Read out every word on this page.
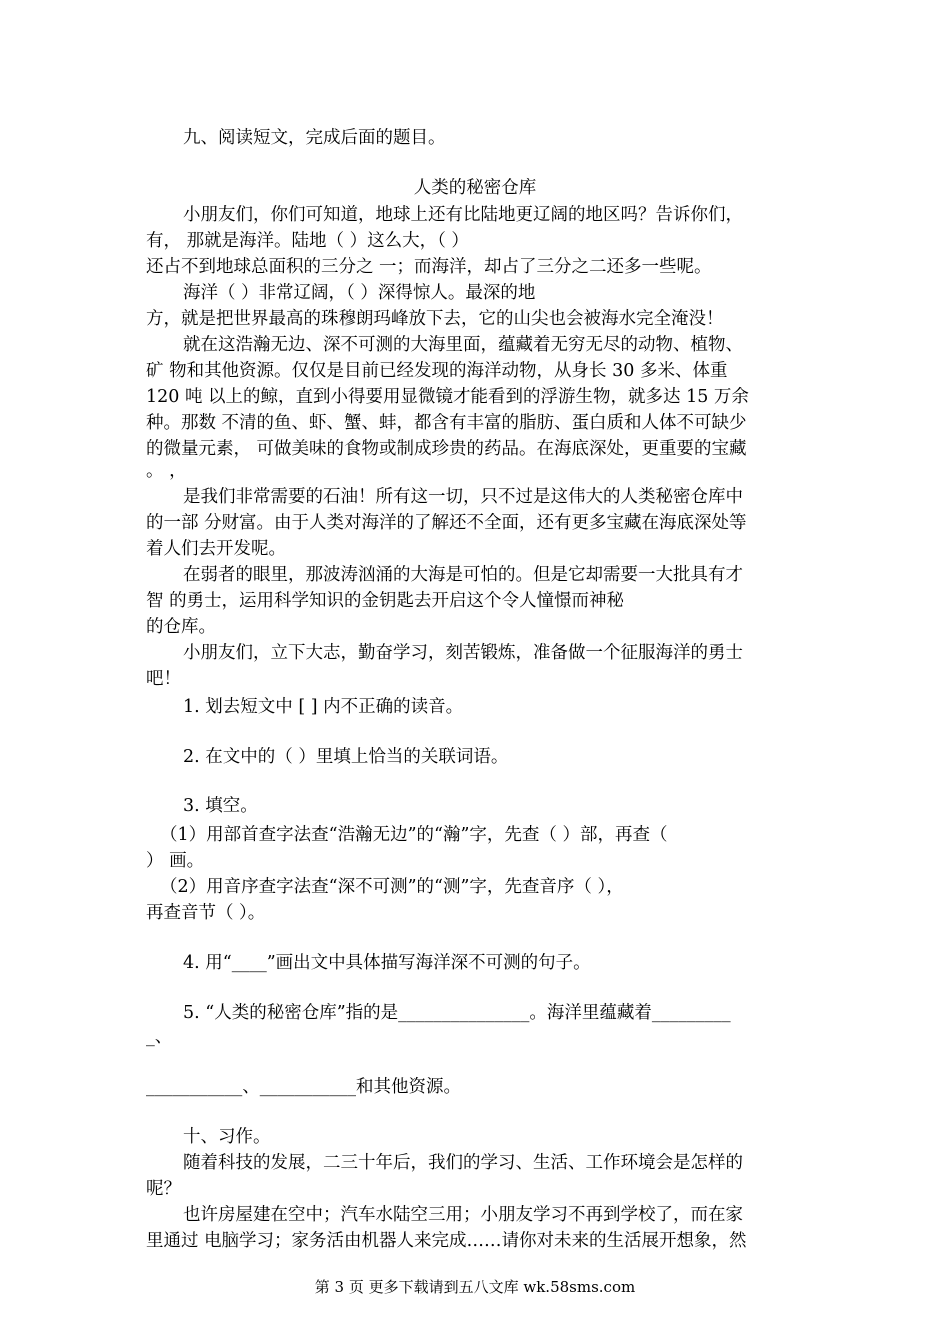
九、阅读短文，完成后面的题目。
人类的秘密仓库
小朋友们，你们可知道，地球上还有比陆地更辽阔的地区吗？告诉你们，
有， 那就是海洋。陆地（ ）这么大，（ ）
还占不到地球总面积的三分之 一；而海洋，却占了三分之二还多一些呢。
海洋（ ）非常辽阔，（ ）深得惊人。最深的地
方，就是把世界最高的珠穆朗玛峰放下去，它的山尖也会被海水完全淹没！
就在这浩瀚无边、深不可测的大海里面，蕴藏着无穷无尽的动物、植物、
矿 物和其他资源。仅仅是目前已经发现的海洋动物，从身长 30 多米、体重
120 吨 以上的鲸，直到小得要用显微镜才能看到的浮游生物，就多达 15 万余
种。那数 不清的鱼、虾、蟹、蚌，都含有丰富的脂肪、蛋白质和人体不可缺少
的微量元素， 可做美味的食物或制成珍贵的药品。在海底深处，更重要的宝藏
。 ，
是我们非常需要的石油！所有这一切，只不过是这伟大的人类秘密仓库中
的一部 分财富。由于人类对海洋的了解还不全面，还有更多宝藏在海底深处等
着人们去开发呢。
在弱者的眼里，那波涛汹涌的大海是可怕的。但是它却需要一大批具有才
智 的勇士，运用科学知识的金钥匙去开启这个令人憧憬而神秘
的仓库。
小朋友们，立下大志，勤奋学习，刻苦锻炼，准备做一个征服海洋的勇士
吧！
1. 划去短文中 [ ] 内不正确的读音。
2. 在文中的（ ）里填上恰当的关联词语。
3. 填空。
（1）用部首查字法查“浩瀚无边”的“瀚”字，先查（ ）部，再查（
） 画。
（2）用音序查字法查“深不可测”的“测”字，先查音序（ ），
再查音节（ ）。
4. 用“____”画出文中具体描写海洋深不可测的句子。
5. “人类的秘密仓库”指的是_______________。海洋里蕴藏着_________
_、
___________、___________和其他资源。
十、习作。
随着科技的发展，二三十年后，我们的学习、生活、工作环境会是怎样的
呢？
也许房屋建在空中；汽车水陆空三用；小朋友学习不再到学校了，而在家
里通过 电脑学习；家务活由机器人来完成……请你对未来的生活展开想象，然
第 3 页 更多下载请到五八文库 wk.58sms.com
